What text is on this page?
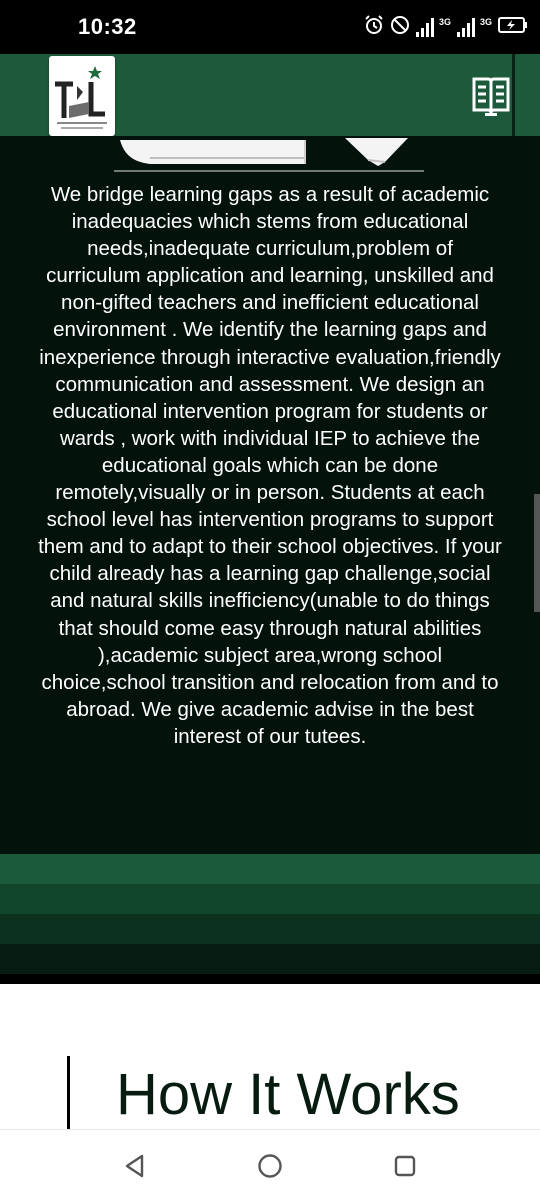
10:32	3G	3G

We bridge learning gaps as a result of academic inadequacies which stems from educational needs,inadequate curriculum,problem of curriculum application and learning, unskilled and non-gifted teachers and inefficient educational environment . We identify the learning gaps and inexperience through interactive evaluation,friendly communication and assessment. We design an educational intervention program for students or wards , work with individual IEP to achieve the educational goals which can be done remotely,visually or in person. Students at each school level has intervention programs to support them and to adapt to their school objectives. If your child already has a learning gap challenge,social and natural skills inefficiency(unable to do things that should come easy through natural abilities ),academic subject area,wrong school choice,school transition and relocation from and to abroad. We give academic advise in the best interest of our tutees.

How It Works
